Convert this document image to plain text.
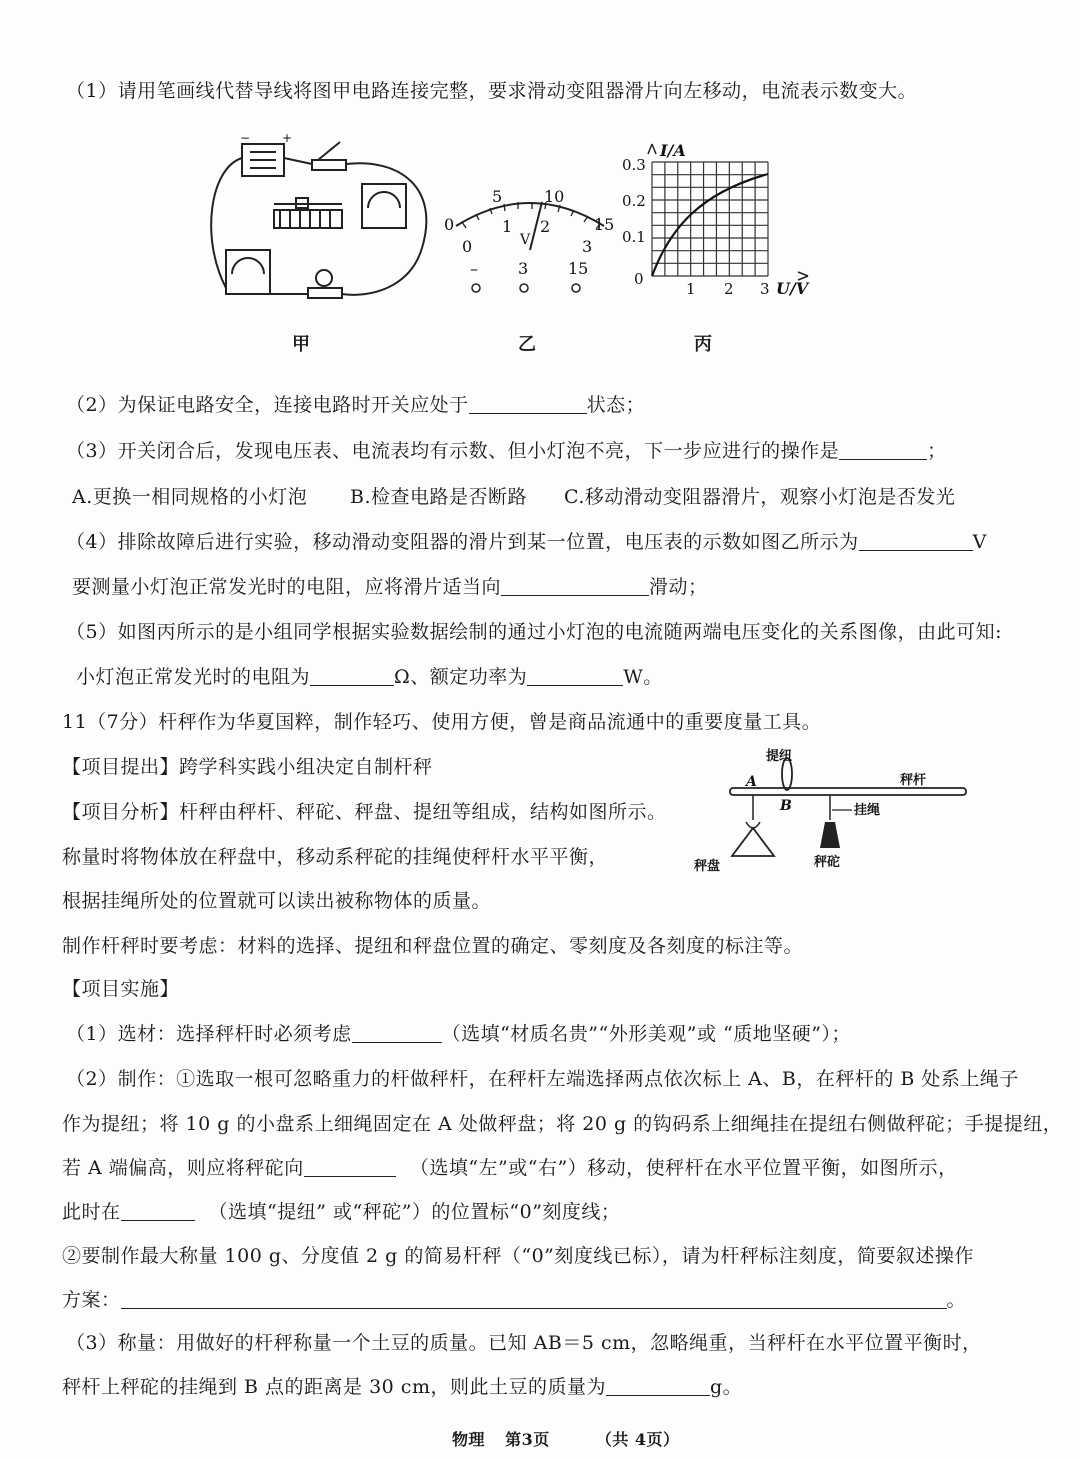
（1）请用笔画线代替导线将图甲电路连接完整，要求滑动变阻器滑片向左移动，电流表示数变大。
−	+
0
5	10
15
0
1 2
3
V
–	3 15
I/A
0.3
0.2
0.1
0
1 2 3 U/V
甲	乙	丙
（2）为保证电路安全，连接电路时开关应处于	状态；
（3）开关闭合后，发现电压表、电流表均有示数、但小灯泡不亮，下一步应进行的操作是	；
A.更换一相同规格的小灯泡 B.检查电路是否断路 C.移动滑动变阻器滑片，观察小灯泡是否发光
（4）排除故障后进行实验，移动滑动变阻器的滑片到某一位置，电压表的示数如图乙所示为	V
要测量小灯泡正常发光时的电阻，应将滑片适当向	滑动；
（5）如图丙所示的是小组同学根据实验数据绘制的通过小灯泡的电流随两端电压变化的关系图像，由此可知:
小灯泡正常发光时的电阻为	Ω、额定功率为	W。
11（7分）杆秤作为华夏国粹，制作轻巧、使用方便，曾是商品流通中的重要度量工具。
【项目提出】跨学科实践小组决定自制杆秤
【项目分析】杆秤由秤杆、秤砣、秤盘、提纽等组成，结构如图所示。
称量时将物体放在秤盘中，移动系秤砣的挂绳使秤杆水平平衡，
根据挂绳所处的位置就可以读出被称物体的质量。
提纽
秤杆
挂绳
秤盘	秤砣
A
B
制作杆秤时要考虑：材料的选择、提纽和秤盘位置的确定、零刻度及各刻度的标注等。
【项目实施】
（1）选材：选择秤杆时必须考虑	（选填“材质名贵”“外形美观”或 “质地坚硬”）；
（2）制作：①选取一根可忽略重力的杆做秤杆，在秤杆左端选择两点依次标上 A、B，在秤杆的 B 处系上绳子
作为提纽；将 10 g 的小盘系上细绳固定在 A 处做秤盘；将 20 g 的钩码系上细绳挂在提纽右侧做秤砣；手提提纽，
若 A 端偏高，则应将秤砣向	（选填“左”或“右”）移动，使秤杆在水平位置平衡，如图所示，
此时在	（选填“提纽” 或“秤砣”）的位置标“0”刻度线；
②要制作最大称量 100 g、分度值 2 g 的简易杆秤（“0”刻度线已标），请为杆秤标注刻度，简要叙述操作
方案：	。
（3）称量：用做好的杆秤称量一个土豆的质量。已知 AB＝5 cm，忽略绳重，当秤杆在水平位置平衡时，
秤杆上秤砣的挂绳到 B 点的距离是 30 cm，则此土豆的质量为	g。
物理 第3页	（共 4页）
